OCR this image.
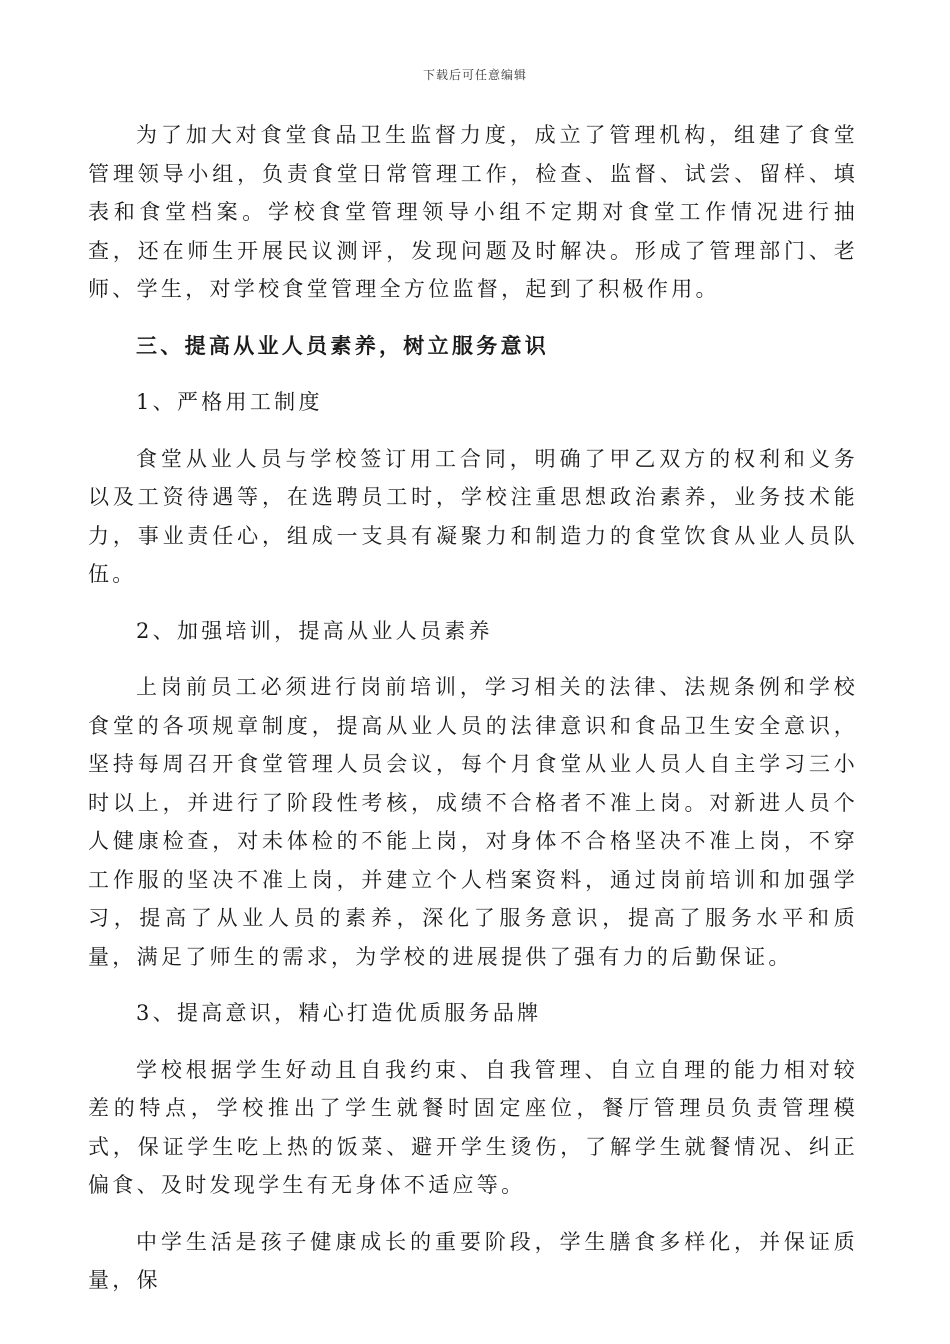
下载后可任意编辑

为了加大对食堂食品卫生监督力度，成立了管理机构，组建了食堂管理领导小组，负责食堂日常管理工作，检查、监督、试尝、留样、填表和食堂档案。学校食堂管理领导小组不定期对食堂工作情况进行抽查，还在师生开展民议测评，发现问题及时解决。形成了管理部门、老师、学生，对学校食堂管理全方位监督，起到了积极作用。

三、提高从业人员素养，树立服务意识

1、严格用工制度

食堂从业人员与学校签订用工合同，明确了甲乙双方的权利和义务以及工资待遇等，在选聘员工时，学校注重思想政治素养，业务技术能力，事业责任心，组成一支具有凝聚力和制造力的食堂饮食从业人员队伍。

2、加强培训，提高从业人员素养

上岗前员工必须进行岗前培训，学习相关的法律、法规条例和学校食堂的各项规章制度，提高从业人员的法律意识和食品卫生安全意识，坚持每周召开食堂管理人员会议，每个月食堂从业人员人自主学习三小时以上，并进行了阶段性考核，成绩不合格者不准上岗。对新进人员个人健康检查，对未体检的不能上岗，对身体不合格坚决不准上岗，不穿工作服的坚决不准上岗，并建立个人档案资料，通过岗前培训和加强学习，提高了从业人员的素养，深化了服务意识，提高了服务水平和质量，满足了师生的需求，为学校的进展提供了强有力的后勤保证。

3、提高意识，精心打造优质服务品牌

学校根据学生好动且自我约束、自我管理、自立自理的能力相对较差的特点，学校推出了学生就餐时固定座位，餐厅管理员负责管理模式，保证学生吃上热的饭菜、避开学生烫伤，了解学生就餐情况、纠正偏食、及时发现学生有无身体不适应等。

中学生活是孩子健康成长的重要阶段，学生膳食多样化，并保证质量，保
